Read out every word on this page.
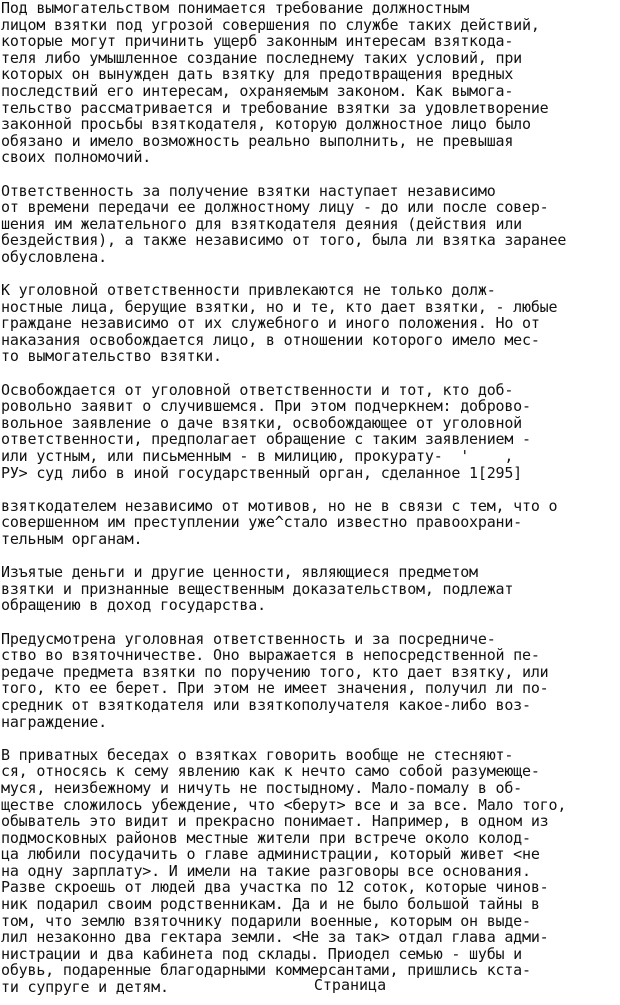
Под вымогательством понимается требование должностным
лицом взятки под угрозой совершения по службе таких действий,
которые могут причинить ущерб законным интересам взяткода-
теля либо умышленное создание последнему таких условий, при
которых он вынужден дать взятку для предотвращения вредных
последствий его интересам, охраняемым законом. Как вымога-
тельство рассматривается и требование взятки за удовлетворение
законной просьбы взяткодателя, которую должностное лицо было
обязано и имело возможность реально выполнить, не превышая
своих полномочий.
Ответственность за получение взятки наступает независимо
от времени передачи ее должностному лицу - до или после совер-
шения им желательного для взяткодателя деяния (действия или
бездействия), а также независимо от того, была ли взятка заранее
обусловлена.
К уголовной ответственности привлекаются не только долж-
ностные лица, берущие взятки, но и те, кто дает взятки, - любые
граждане независимо от их служебного и иного положения. Но от
наказания освобождается лицо, в отношении которого имело мес-
то вымогательство взятки.
Освобождается от уголовной ответственности и тот, кто доб-
ровольно заявит о случившемся. При этом подчеркнем: доброво-
вольное заявление о даче взятки, освобождающее от уголовной
ответственности, предполагает обращение с таким заявлением -
или устным, или письменным - в милицию, прокурату-  '    ,
РУ> суд либо в иной государственный орган, сделанное 1[295]
взяткодателем независимо от мотивов, но не в связи с тем, что о
совершенном им преступлении уже^стало известно правоохрани-
тельным органам.
Изъятые деньги и другие ценности, являющиеся предметом
взятки и признанные вещественным доказательством, подлежат
обращению в доход государства.
Предусмотрена уголовная ответственность и за посредниче-
ство во взяточничестве. Оно выражается в непосредственной пе-
редаче предмета взятки по поручению того, кто дает взятку, или
того, кто ее берет. При этом не имеет значения, получил ли по-
средник от взяткодателя или взяткополучателя какое-либо воз-
награждение.
В приватных беседах о взятках говорить вообще не стесняют-
ся, относясь к сему явлению как к нечто само собой разумеюще-
муся, неизбежному и ничуть не постыдному. Мало-помалу в об-
ществе сложилось убеждение, что <берут> все и за все. Мало того,
обыватель это видит и прекрасно понимает. Например, в одном из
подмосковных районов местные жители при встрече около колод-
ца любили посудачить о главе администрации, который живет <не
на одну зарплату>. И имели на такие разговоры все основания.
Разве скроешь от людей два участка по 12 соток, которые чинов-
ник подарил своим родственникам. Да и не было большой тайны в
том, что землю взяточнику подарили военные, которым он выде-
лил незаконно два гектара земли. <Не за так> отдал глава адми-
нистрации и два кабинета под склады. Приодел семью - шубы и
обувь, подаренные благодарными коммерсантами, пришлись кста-
ти супруге и детям.	Страница
